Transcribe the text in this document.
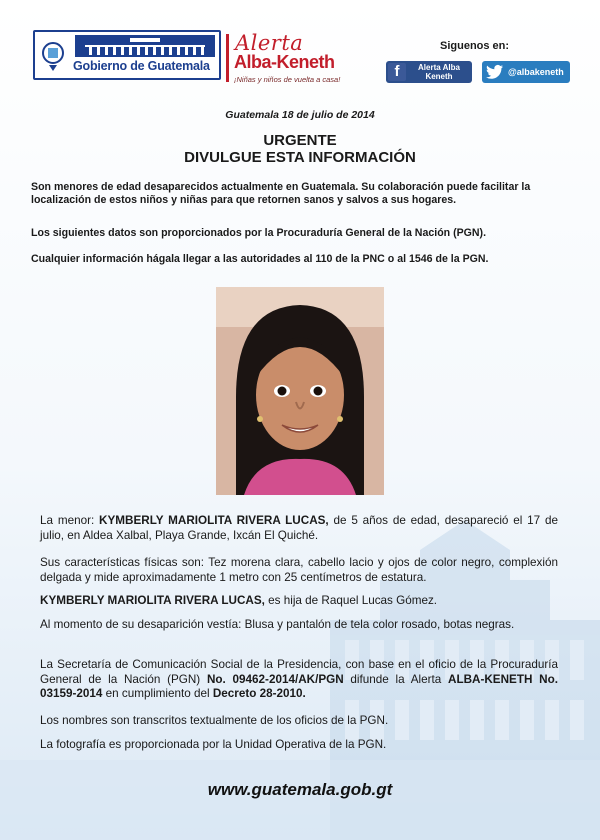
Gobierno de Guatemala
Alerta
Alba-Keneth
¡Niñas y niños de vuelta a casa!
Siguenos en:
f	Alerta Alba Keneth	@albakeneth
Guatemala 18 de julio de 2014
URGENTE
DIVULGUE ESTA INFORMACIÓN

Son menores de edad desaparecidos actualmente en Guatemala. Su colaboración puede facilitar la localización de estos niños y niñas para que retornen sanos y salvos a sus hogares.

Los siguientes datos son proporcionados por la Procuraduría General de la Nación (PGN).

Cualquier información hágala llegar a las autoridades al 110 de la PNC o al 1546 de la PGN.

La menor: KYMBERLY MARIOLITA RIVERA LUCAS, de 5 años de edad, desapareció el 17 de julio, en Aldea Xalbal, Playa Grande, Ixcán El Quiché.

Sus características físicas son: Tez morena clara, cabello lacio y ojos de color negro, complexión delgada y mide aproximadamente 1 metro con 25 centímetros de estatura.

KYMBERLY MARIOLITA RIVERA LUCAS, es hija de Raquel Lucas Gómez.

Al momento de su desaparición vestía: Blusa y pantalón de tela color rosado, botas negras.

La Secretaría de Comunicación Social de la Presidencia, con base en el oficio de la Procuraduría General de la Nación (PGN) No. 09462-2014/AK/PGN difunde la Alerta ALBA-KENETH No. 03159-2014 en cumplimiento del Decreto 28-2010.

Los nombres son transcritos textualmente de los oficios de la PGN.

La fotografía es proporcionada por la Unidad Operativa de la PGN.

www.guatemala.gob.gt
